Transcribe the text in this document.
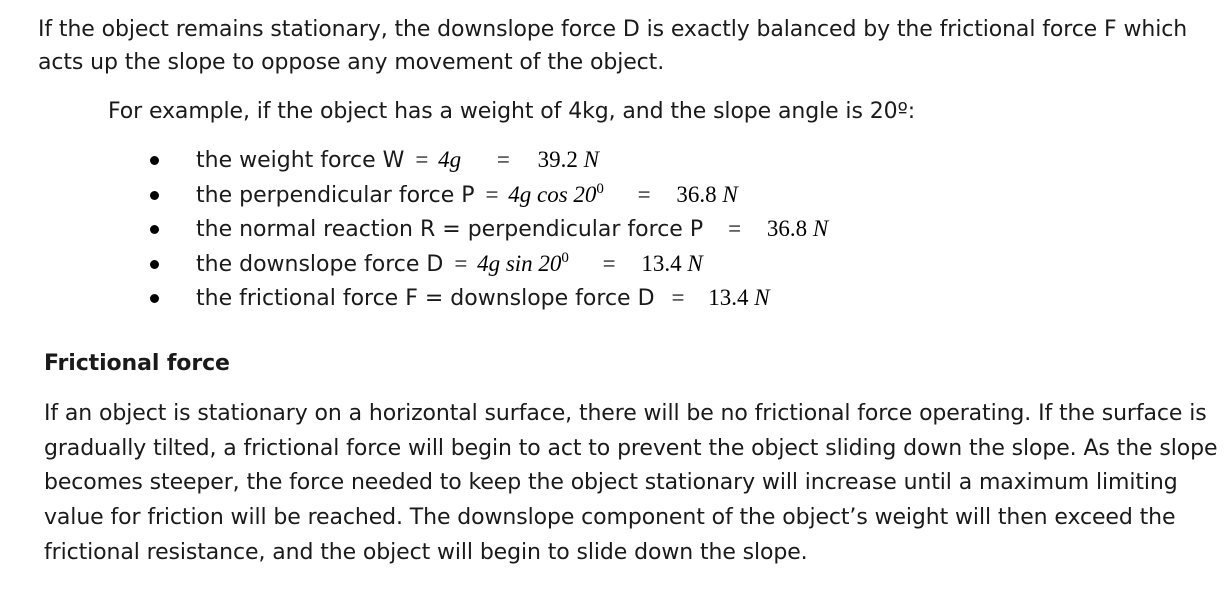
If the object remains stationary, the downslope force D is exactly balanced by the frictional force F which acts up the slope to oppose any movement of the object.

For example, if the object has a weight of 4kg, and the slope angle is 20º:

the weight force W = 4g = 39.2 N
the perpendicular force P = 4g $\cos 20^0 = 36.8$ N
the normal reaction R = perpendicular force P = 36.8 N
the downslope force D = 4g $\sin 20^0 = 13.4$ N
the frictional force F = downslope force D = 13.4 N

Frictional force

If an object is stationary on a horizontal surface, there will be no frictional force operating. If the surface is gradually tilted, a frictional force will begin to act to prevent the object sliding down the slope. As the slope becomes steeper, the force needed to keep the object stationary will increase until a maximum limiting value for friction will be reached. The downslope component of the object’s weight will then exceed the frictional resistance, and the object will begin to slide down the slope.
